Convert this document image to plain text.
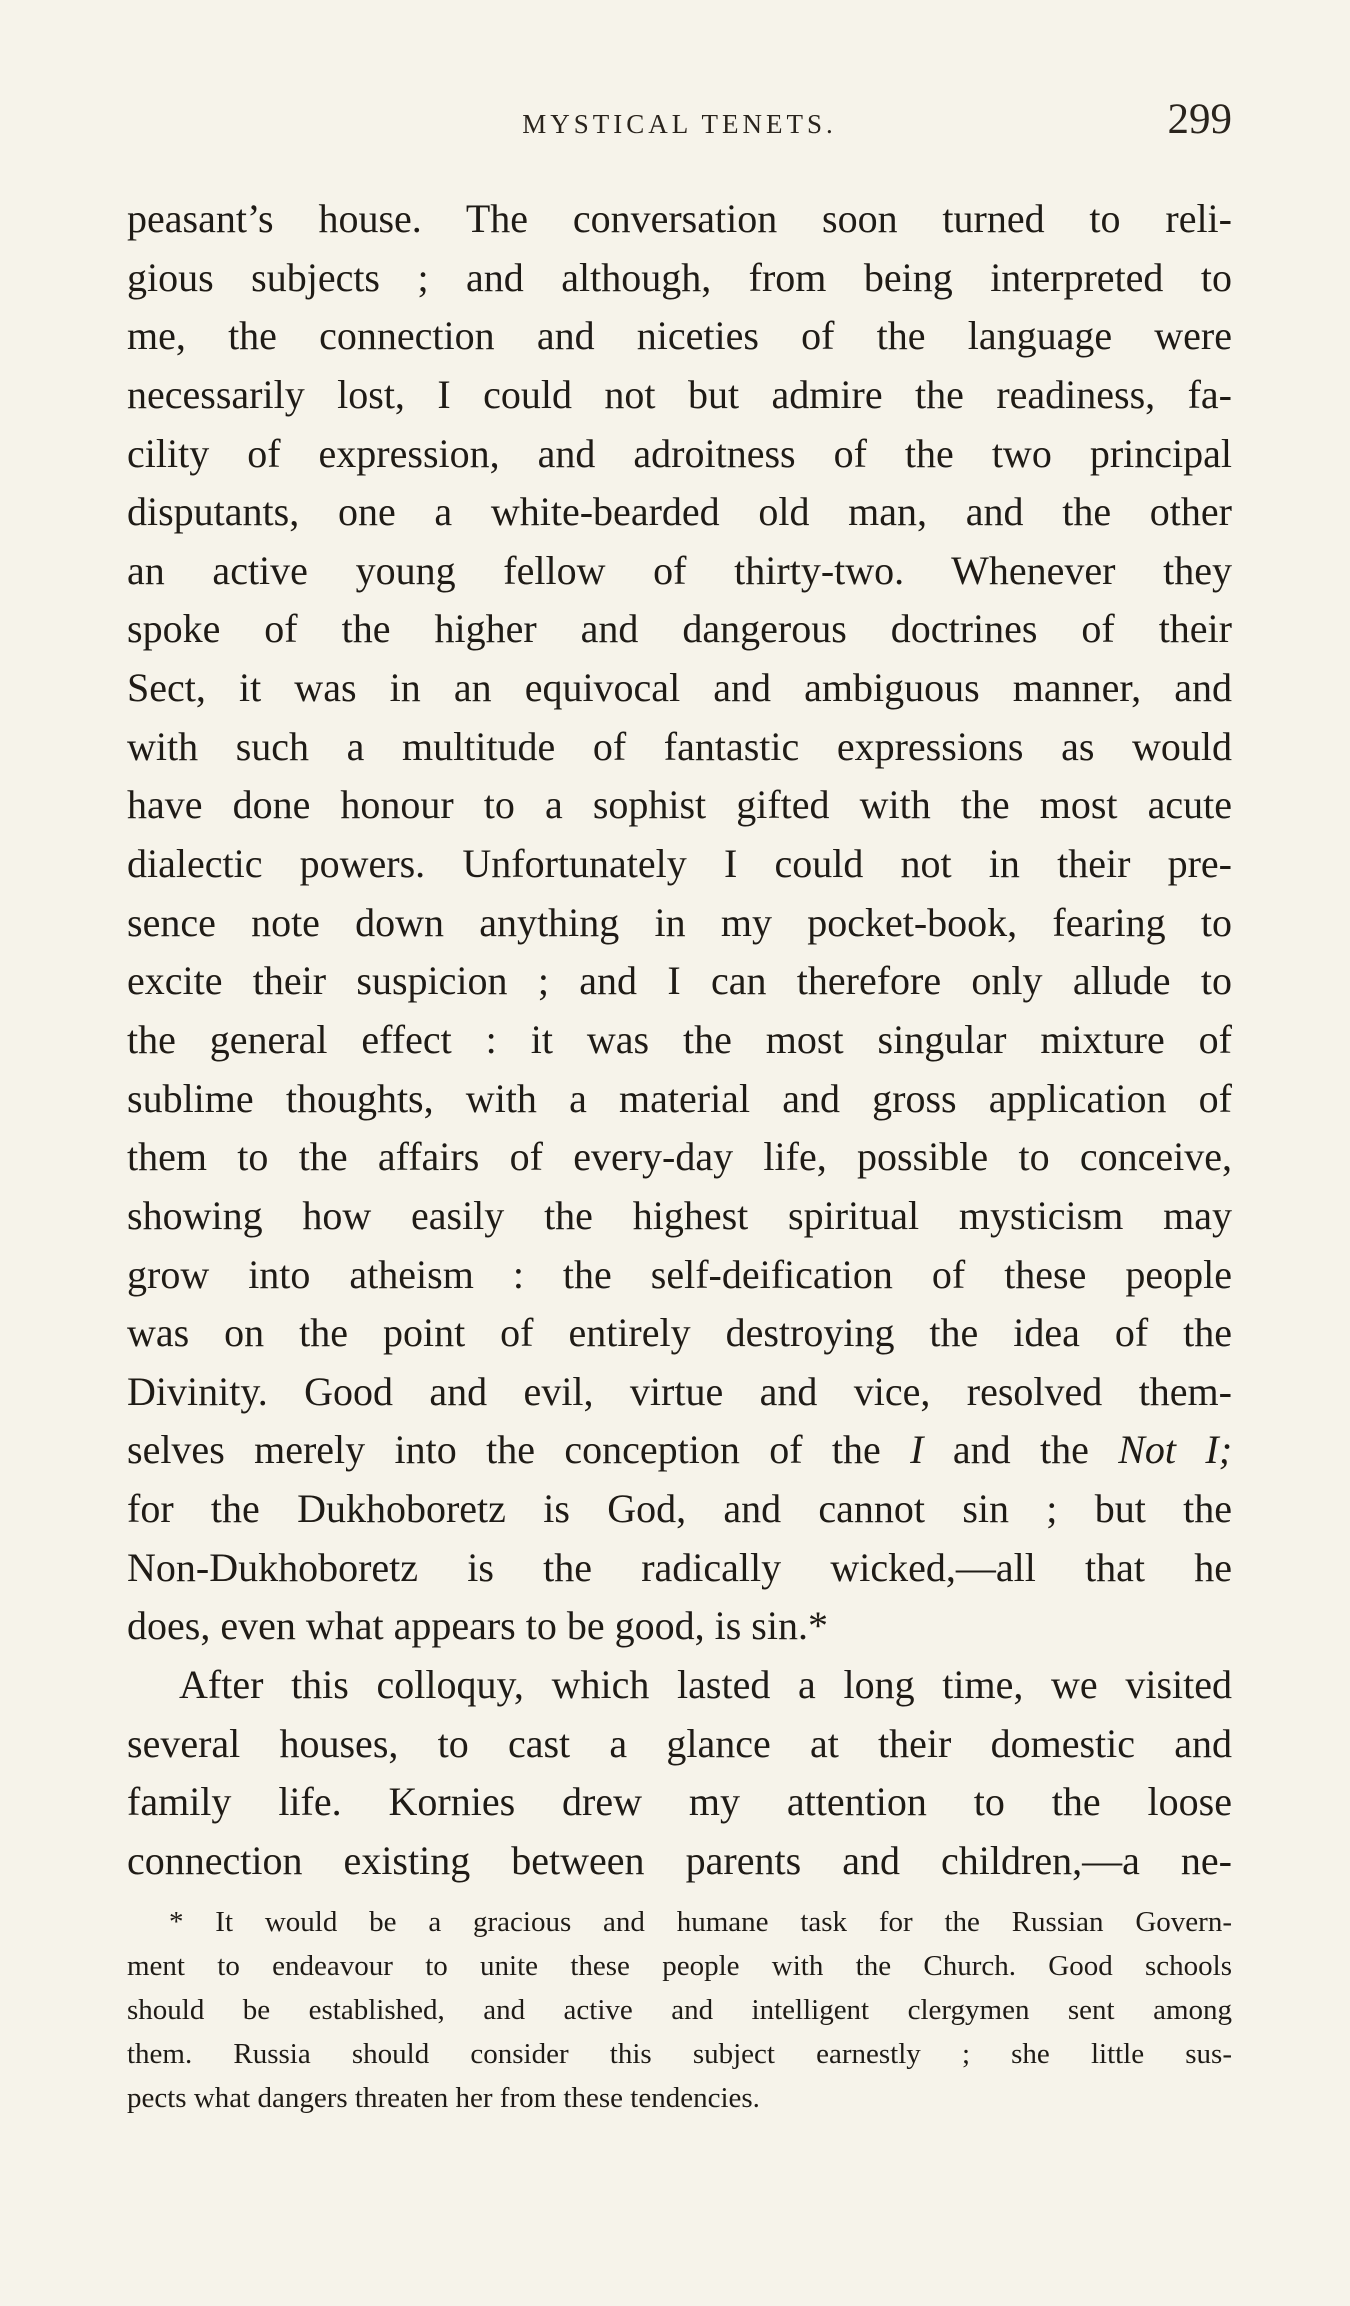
MYSTICAL TENETS.	299
peasant’s house. The conversation soon turned to reli-
gious subjects ; and although, from being interpreted to
me, the connection and niceties of the language were
necessarily lost, I could not but admire the readiness, fa-
cility of expression, and adroitness of the two principal
disputants, one a white-bearded old man, and the other
an active young fellow of thirty-two. Whenever they
spoke of the higher and dangerous doctrines of their
Sect, it was in an equivocal and ambiguous manner, and
with such a multitude of fantastic expressions as would
have done honour to a sophist gifted with the most acute
dialectic powers. Unfortunately I could not in their pre-
sence note down anything in my pocket-book, fearing to
excite their suspicion ; and I can therefore only allude to
the general effect : it was the most singular mixture of
sublime thoughts, with a material and gross application of
them to the affairs of every-day life, possible to conceive,
showing how easily the highest spiritual mysticism may
grow into atheism : the self-deification of these people
was on the point of entirely destroying the idea of the
Divinity. Good and evil, virtue and vice, resolved them-
selves merely into the conception of the I and the Not I;
for the Dukhoboretz is God, and cannot sin ; but the
Non-Dukhoboretz is the radically wicked,—all that he
does, even what appears to be good, is sin.*
After this colloquy, which lasted a long time, we visited
several houses, to cast a glance at their domestic and
family life. Kornies drew my attention to the loose
connection existing between parents and children,—a ne-
* It would be a gracious and humane task for the Russian Govern-
ment to endeavour to unite these people with the Church. Good schools
should be established, and active and intelligent clergymen sent among
them. Russia should consider this subject earnestly ; she little sus-
pects what dangers threaten her from these tendencies.
